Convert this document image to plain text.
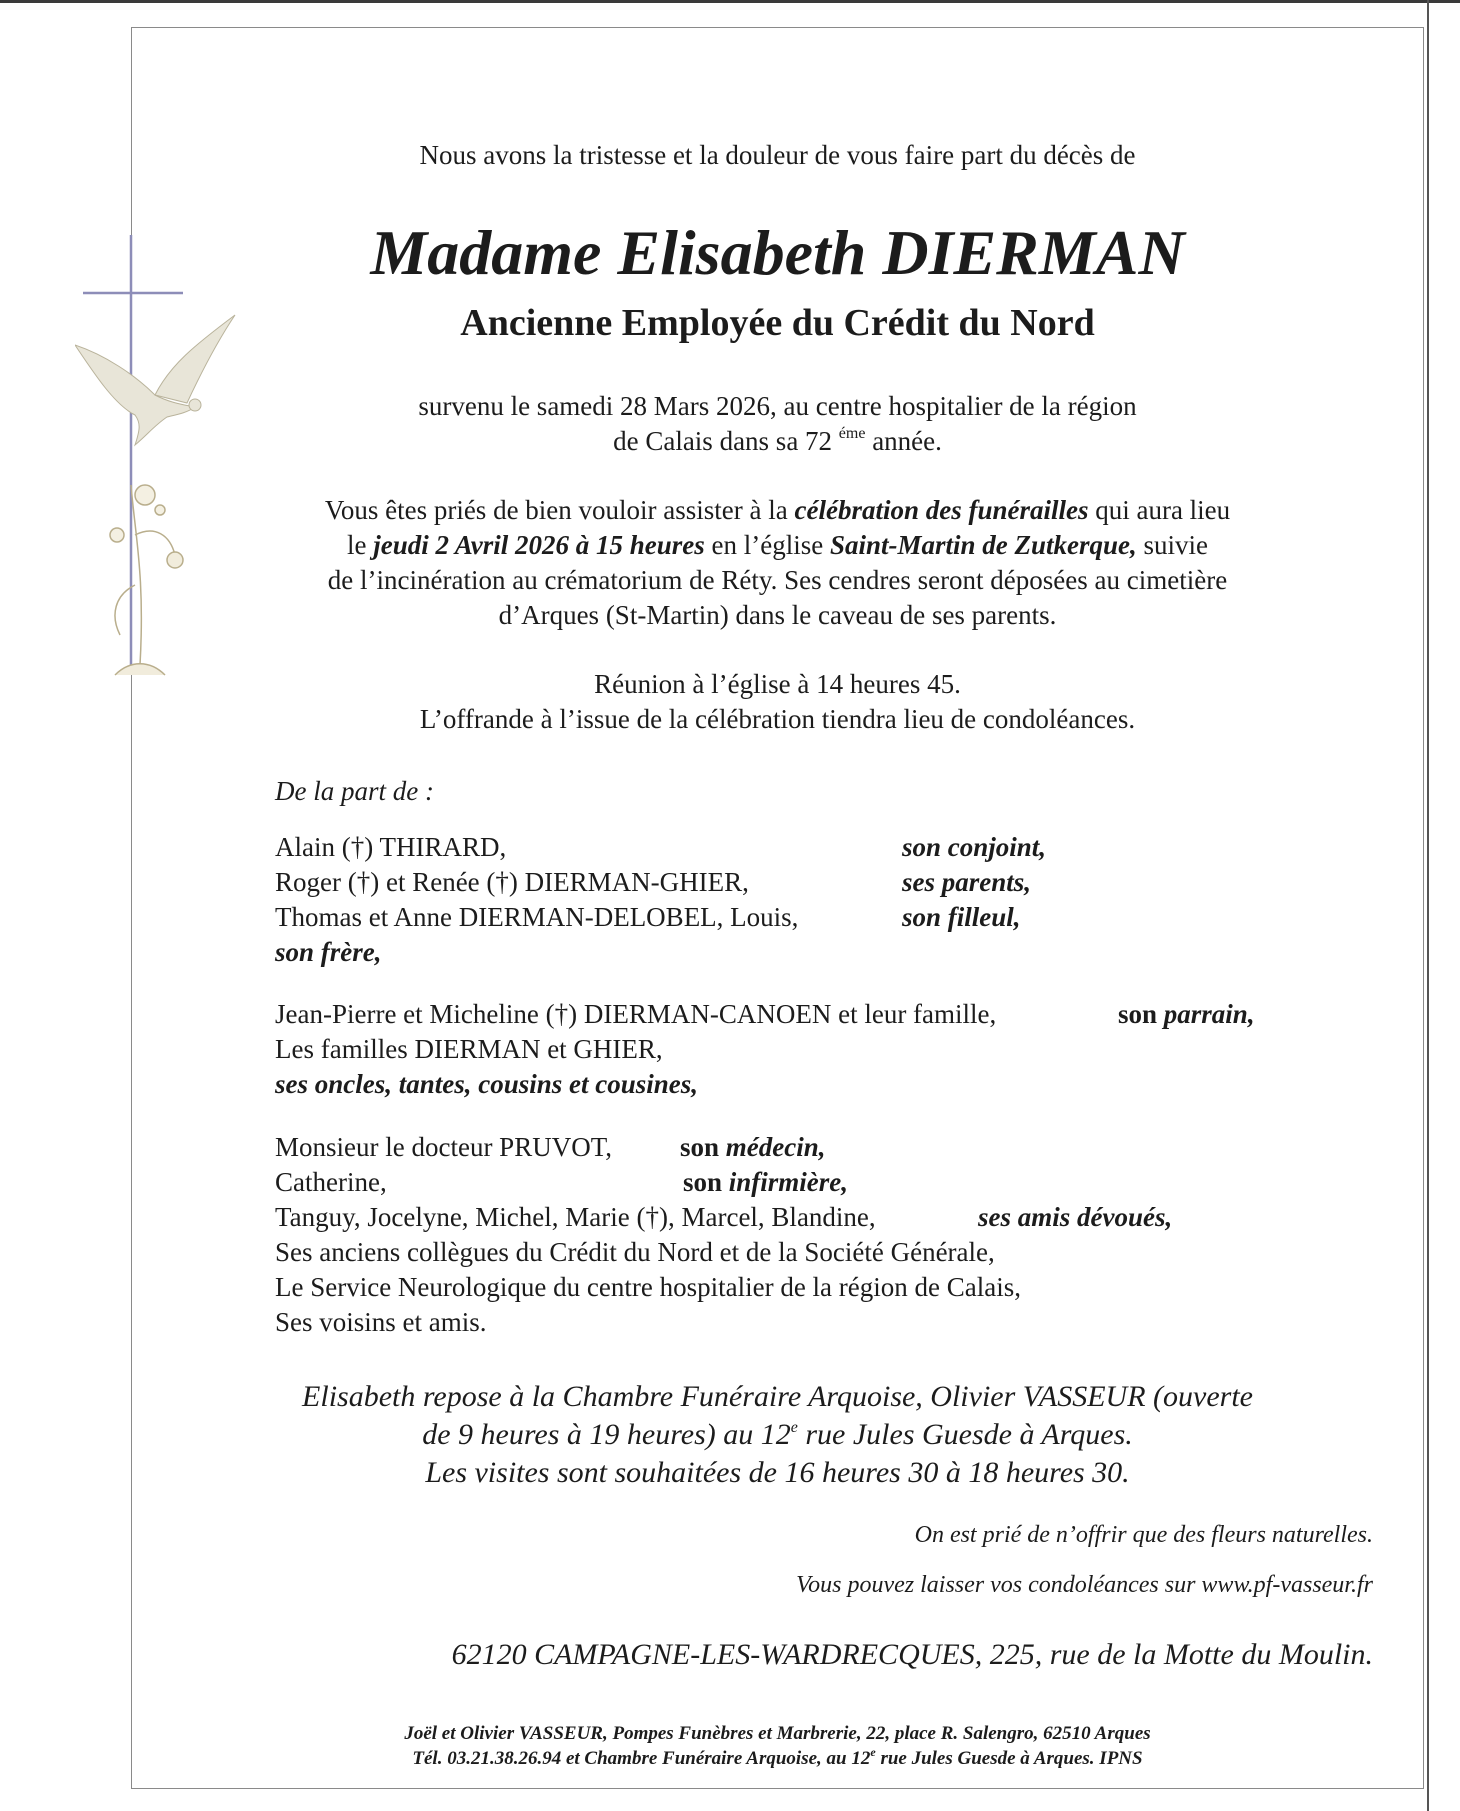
Nous avons la tristesse et la douleur de vous faire part du décès de
Madame Elisabeth DIERMAN
Ancienne Employée du Crédit du Nord
survenu le samedi 28 Mars 2026, au centre hospitalier de la région
de Calais dans sa 72 $^{éme}$ année.
Vous êtes priés de bien vouloir assister à la célébration des funérailles qui aura lieu
le jeudi 2 Avril 2026 à 15 heures en l’église Saint-Martin de Zutkerque, suivie
de l’incinération au crématorium de Réty. Ses cendres seront déposées au cimetière
d’Arques (St-Martin) dans le caveau de ses parents.
Réunion à l’église à 14 heures 45.
L’offrande à l’issue de la célébration tiendra lieu de condoléances.
De la part de :
Alain (†) THIRARD,	son conjoint,
Roger (†) et Renée (†) DIERMAN-GHIER,	ses parents,
Thomas et Anne DIERMAN-DELOBEL, Louis,	son filleul,
son frère,
Jean-Pierre et Micheline (†) DIERMAN-CANOEN et leur famille,	son parrain,
Les familles DIERMAN et GHIER,
ses oncles, tantes, cousins et cousines,
Monsieur le docteur PRUVOT,	son médecin,
Catherine,	son infirmière,
Tanguy, Jocelyne, Michel, Marie (†), Marcel, Blandine,	ses amis dévoués,
Ses anciens collègues du Crédit du Nord et de la Société Générale,
Le Service Neurologique du centre hospitalier de la région de Calais,
Ses voisins et amis.
Elisabeth repose à la Chambre Funéraire Arquoise, Olivier VASSEUR (ouverte
de 9 heures à 19 heures) au 12e rue Jules Guesde à Arques.
Les visites sont souhaitées de 16 heures 30 à 18 heures 30.
On est prié de n’offrir que des fleurs naturelles.
Vous pouvez laisser vos condoléances sur www.pf-vasseur.fr
62120 CAMPAGNE-LES-WARDRECQUES, 225, rue de la Motte du Moulin.
Joël et Olivier VASSEUR, Pompes Funèbres et Marbrerie, 22, place R. Salengro, 62510 Arques
Tél. 03.21.38.26.94 et Chambre Funéraire Arquoise, au 12e rue Jules Guesde à Arques. IPNS
